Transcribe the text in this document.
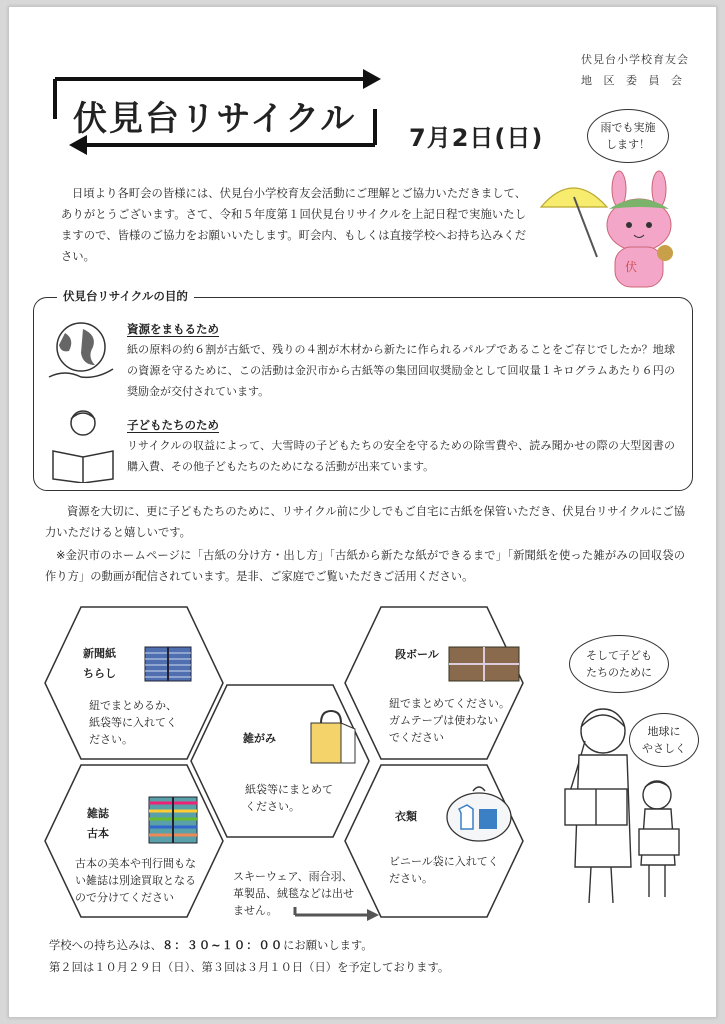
伏見台小学校育友会
地 区 委 員 会
伏見台リサイクル 7月2日(日)	雨でも実施
します！
伏
日頃より各町会の皆様には、伏見台小学校育友会活動にご理解とご協力いただきまして、ありがとうございます。さて、令和５年度第１回伏見台リサイクルを上記日程で実施いたしますので、皆様のご協力をお願いいたします。町会内、もしくは直接学校へお持ち込みください。
伏見台リサイクルの目的
資源をまもるため
紙の原料の約６割が古紙で、残りの４割が木材から新たに作られるパルプであることをご存じでしたか？地球の資源を守るために、この活動は金沢市から古紙等の集団回収奨励金として回収量１キログラムあたり６円の奨励金が交付されています。
子どもたちのため
リサイクルの収益によって、大雪時の子どもたちの安全を守るための除雪費や、読み聞かせの際の大型図書の購入費、その他子どもたちのためになる活動が出来ています。
資源を大切に、更に子どもたちのために、リサイクル前に少しでもご自宅に古紙を保管いただき、伏見台リサイクルにご協力いただけると嬉しいです。
※金沢市のホームページに「古紙の分け方・出し方」「古紙から新たな紙ができるまで」「新聞紙を使った雑がみの回収袋の作り方」の動画が配信されています。是非、ご家庭でご覧いただきご活用ください。
新聞紙
ちらし
紐でまとめるか、
紙袋等に入れてく
ださい。
段ボール
紐でまとめてください。
ガムテープは使わない
でください
雑がみ
紙袋等にまとめて
ください。
雑誌
古本
古本の美本や刊行間もな
い雑誌は別途買取となる
ので分けてください
衣類
ビニール袋に入れてく
ださい。
スキーウェア、雨合羽、
革製品、絨毯などは出せ
ません。
そして子ども
たちのために
地球に
やさしく
学校への持ち込みは、８：３０~１０：００にお願いします。
第２回は１０月２９日（日）、第３回は３月１０日（日）を予定しております。
